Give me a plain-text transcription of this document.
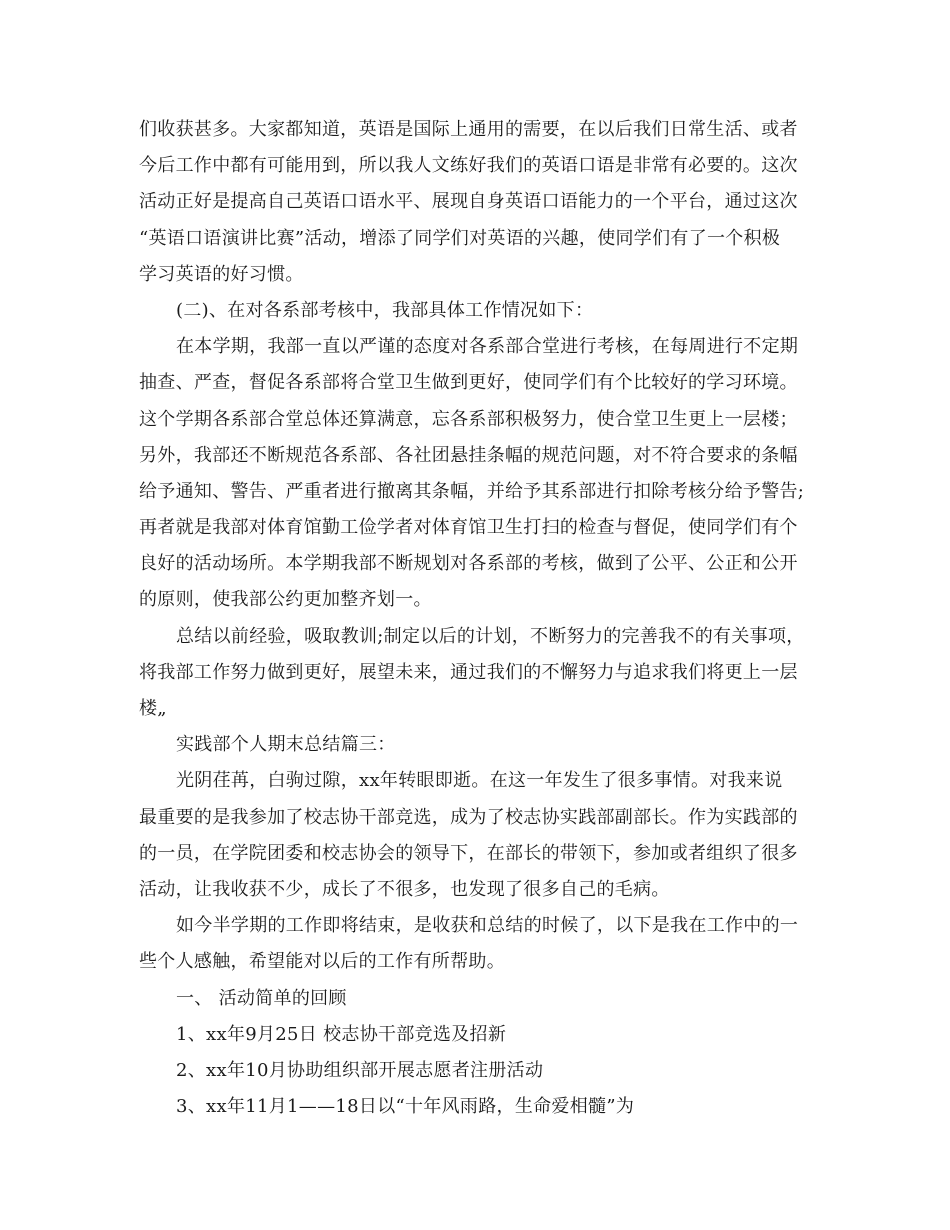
们收获甚多。大家都知道，英语是国际上通用的需要，在以后我们日常生活、或者
今后工作中都有可能用到，所以我人文练好我们的英语口语是非常有必要的。这次
活动正好是提高自己英语口语水平、展现自身英语口语能力的一个平台，通过这次
“英语口语演讲比赛”活动，增添了同学们对英语的兴趣，使同学们有了一个积极
学习英语的好习惯。
(二)、在对各系部考核中，我部具体工作情况如下：
在本学期，我部一直以严谨的态度对各系部合堂进行考核，在每周进行不定期
抽查、严查，督促各系部将合堂卫生做到更好，使同学们有个比较好的学习环境。
这个学期各系部合堂总体还算满意，忘各系部积极努力，使合堂卫生更上一层楼；
另外，我部还不断规范各系部、各社团悬挂条幅的规范问题，对不符合要求的条幅
给予通知、警告、严重者进行撤离其条幅，并给予其系部进行扣除考核分给予警告;
再者就是我部对体育馆勤工俭学者对体育馆卫生打扫的检查与督促，使同学们有个
良好的活动场所。本学期我部不断规划对各系部的考核，做到了公平、公正和公开
的原则，使我部公约更加整齐划一。
总结以前经验，吸取教训;制定以后的计划，不断努力的完善我不的有关事项，
将我部工作努力做到更好，展望未来，通过我们的不懈努力与追求我们将更上一层
楼„
实践部个人期末总结篇三：
光阴荏苒，白驹过隙，xx年转眼即逝。在这一年发生了很多事情。对我来说
最重要的是我参加了校志协干部竞选，成为了校志协实践部副部长。作为实践部的
的一员，在学院团委和校志协会的领导下，在部长的带领下，参加或者组织了很多
活动，让我收获不少，成长了不很多，也发现了很多自己的毛病。
如今半学期的工作即将结束，是收获和总结的时候了，以下是我在工作中的一
些个人感触，希望能对以后的工作有所帮助。
一、 活动简单的回顾
1、xx年9月25日 校志协干部竞选及招新
2、xx年10月协助组织部开展志愿者注册活动
3、xx年11月1——18日以“十年风雨路，生命爱相髓”为
